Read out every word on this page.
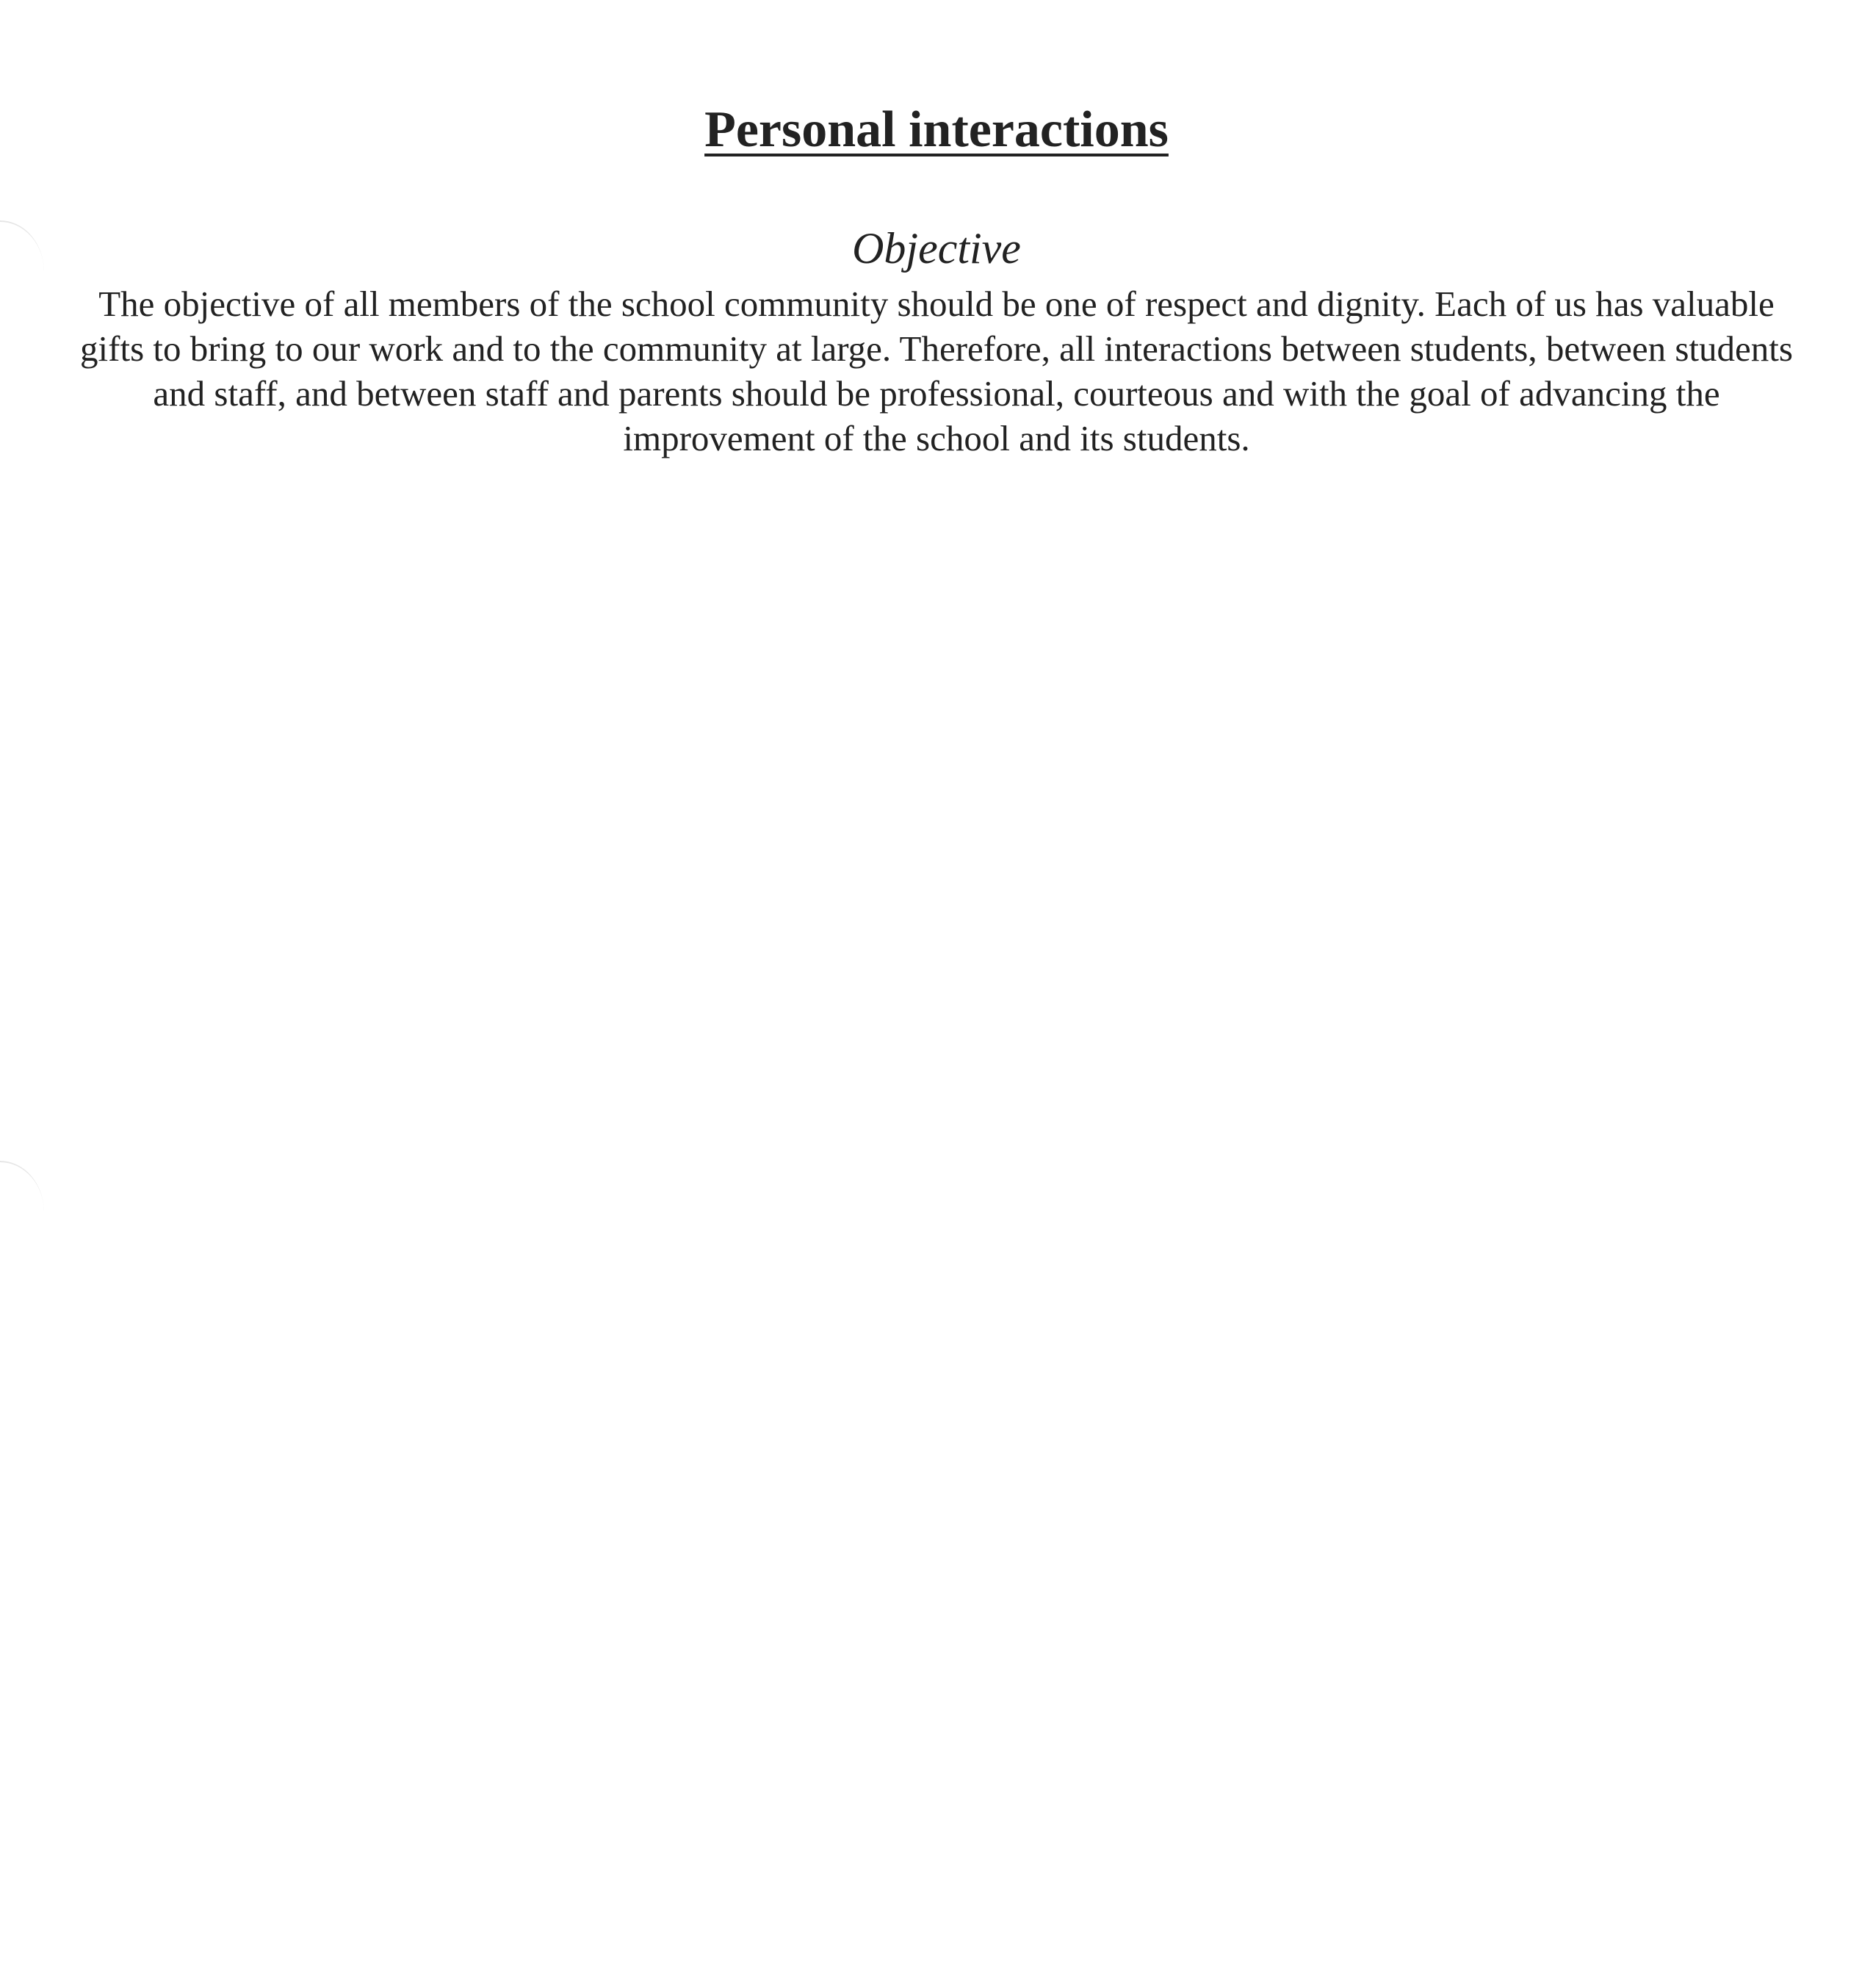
Personal interactions
Objective

The objective of all members of the school community should be one of respect and dignity. Each of us has valuable gifts to bring to our work and to the community at large. Therefore, all interactions between students, between students and staff, and between staff and parents should be professional, courteous and with the goal of advancing the improvement of the school and its students.
